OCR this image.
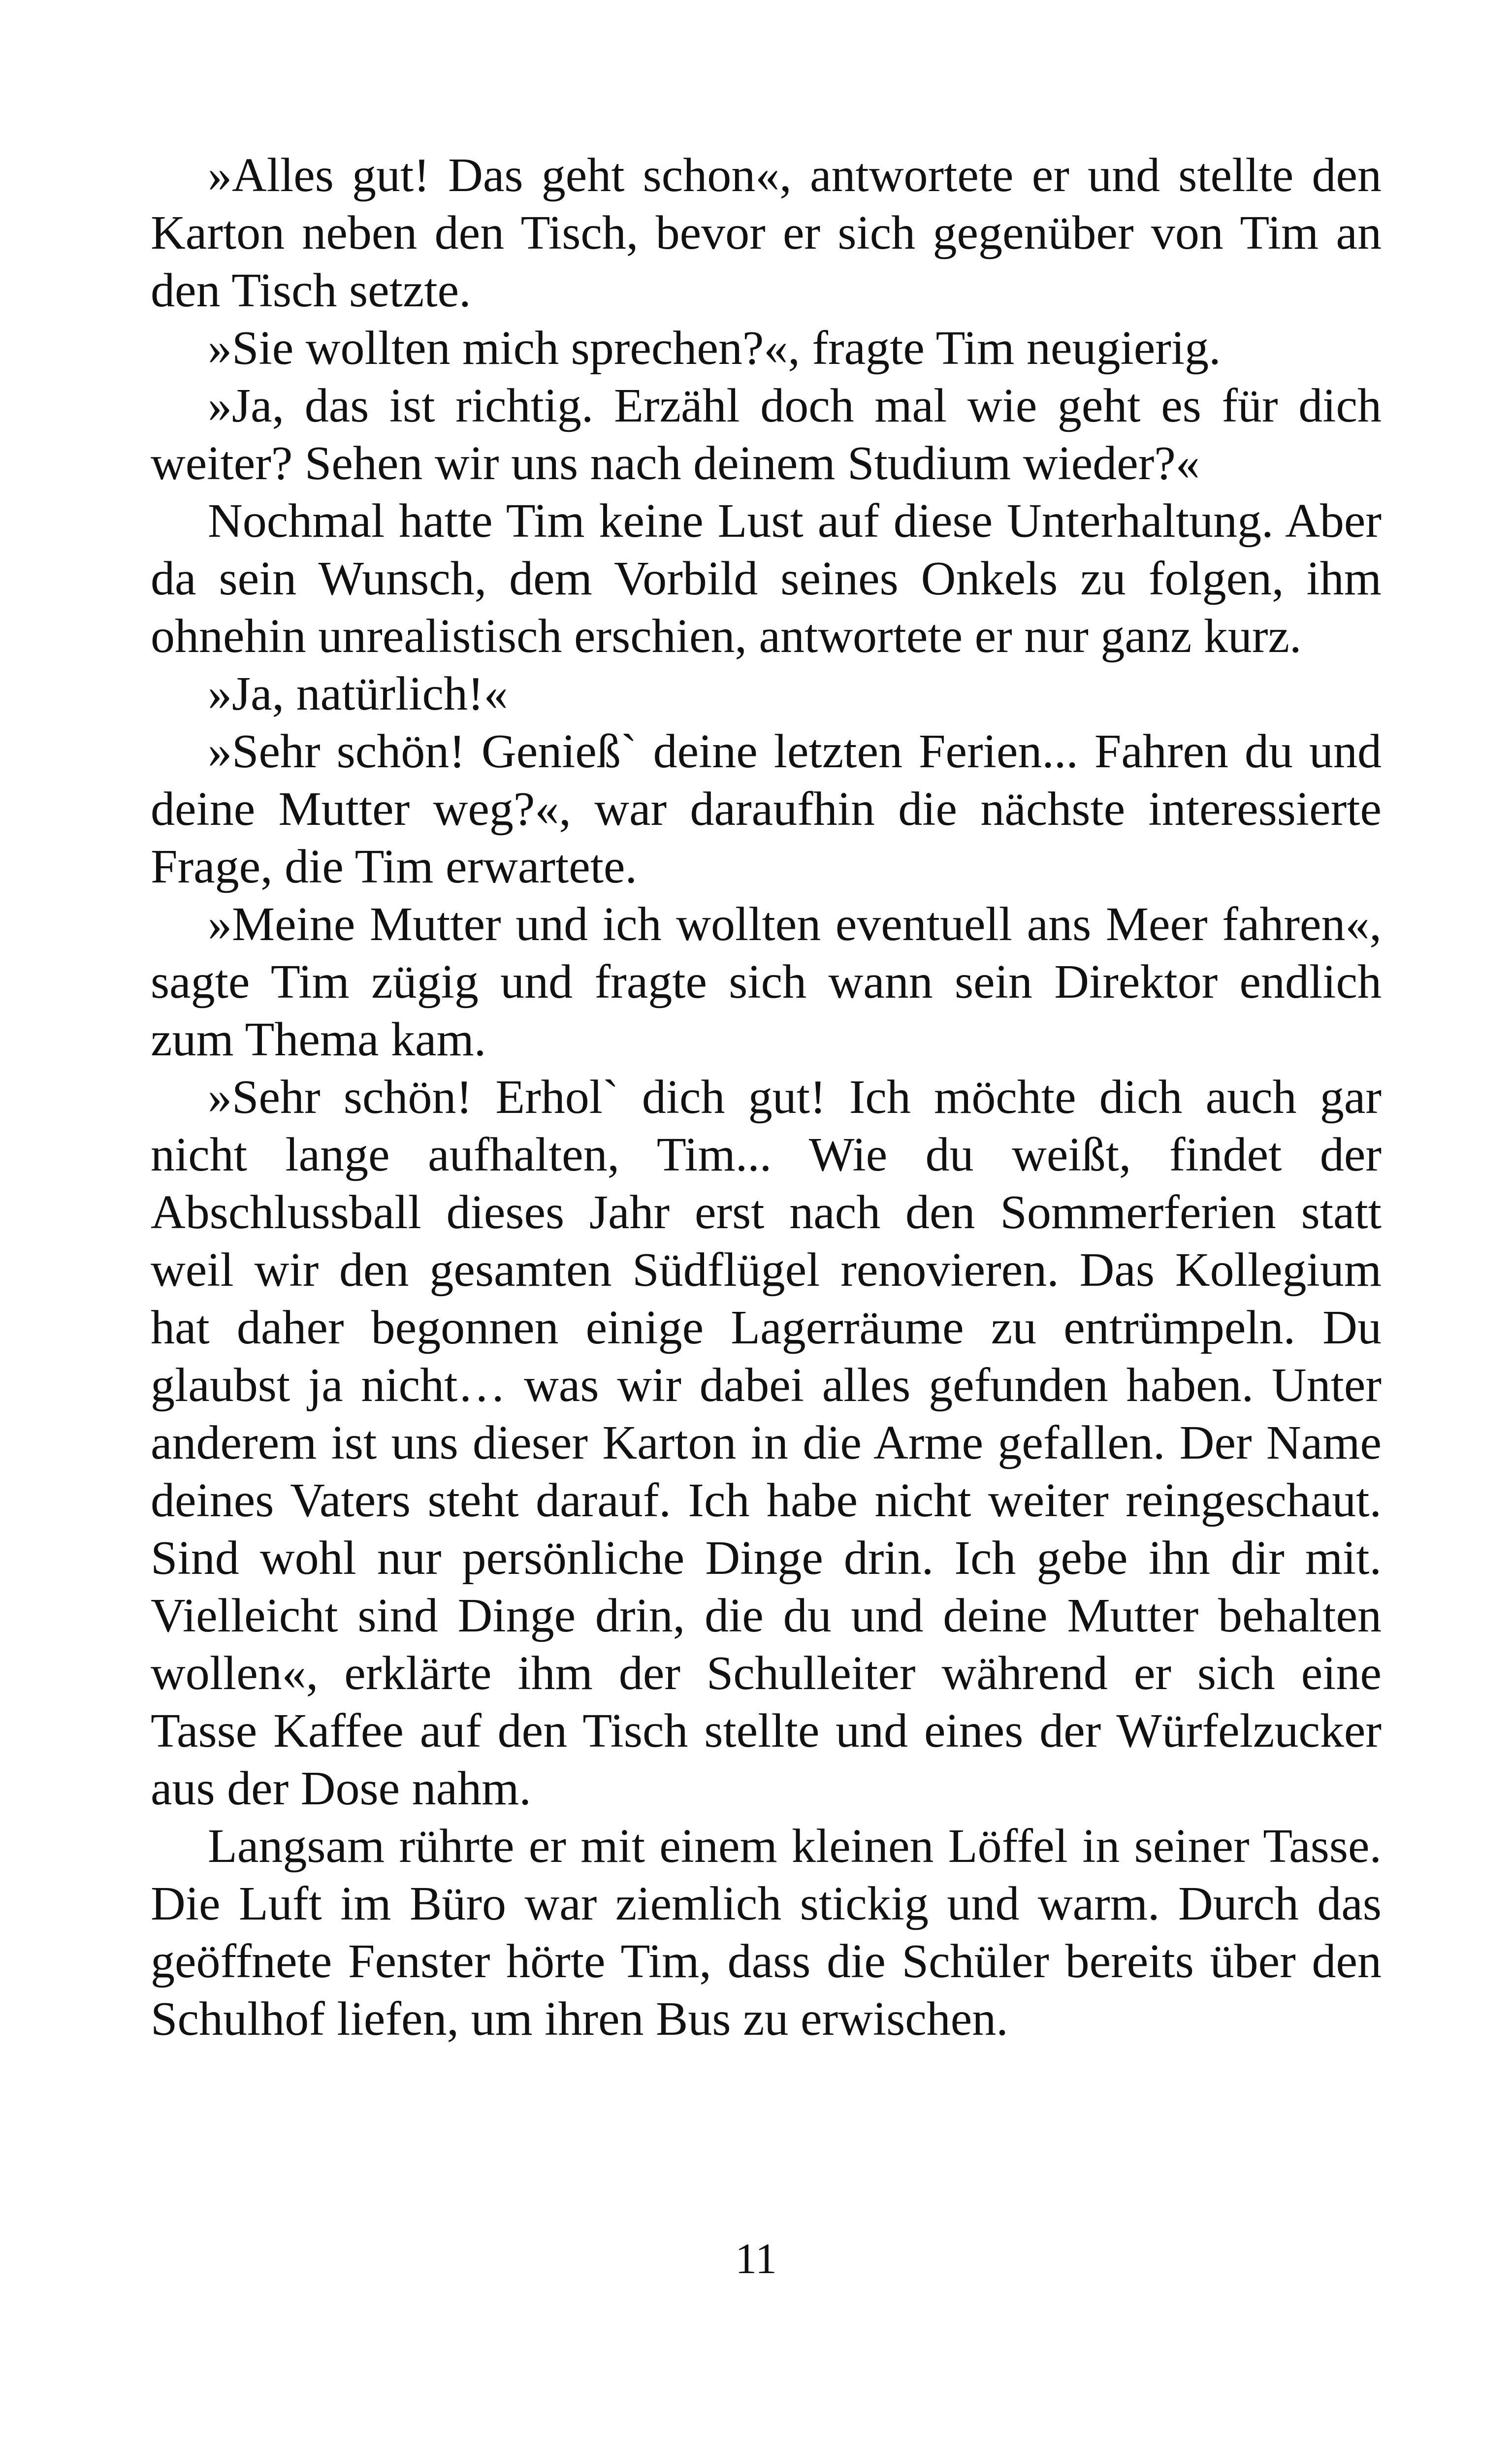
»Alles gut! Das geht schon«, antwortete er und stellte den Karton neben den Tisch, bevor er sich gegenüber von Tim an den Tisch setzte.

»Sie wollten mich sprechen?«, fragte Tim neugierig.

»Ja, das ist richtig. Erzähl doch mal wie geht es für dich weiter? Sehen wir uns nach deinem Studium wieder?«

Nochmal hatte Tim keine Lust auf diese Unterhaltung. Aber da sein Wunsch, dem Vorbild seines Onkels zu folgen, ihm ohnehin unrealistisch erschien, antwortete er nur ganz kurz.

»Ja, natürlich!«

»Sehr schön! Genieß` deine letzten Ferien... Fahren du und deine Mutter weg?«, war daraufhin die nächste interessierte Frage, die Tim erwartete.

»Meine Mutter und ich wollten eventuell ans Meer fahren«, sagte Tim zügig und fragte sich wann sein Direktor endlich zum Thema kam.

»Sehr schön! Erhol` dich gut! Ich möchte dich auch gar nicht lange aufhalten, Tim... Wie du weißt, findet der Abschlussball dieses Jahr erst nach den Sommerferien statt weil wir den gesamten Südflügel renovieren. Das Kollegium hat daher begonnen einige Lagerräume zu entrümpeln. Du glaubst ja nicht… was wir dabei alles gefunden haben. Unter anderem ist uns dieser Karton in die Arme gefallen. Der Name deines Vaters steht darauf. Ich habe nicht weiter reingeschaut. Sind wohl nur persönliche Dinge drin. Ich gebe ihn dir mit. Vielleicht sind Dinge drin, die du und deine Mutter behalten wollen«, erklärte ihm der Schulleiter während er sich eine Tasse Kaffee auf den Tisch stellte und eines der Würfelzucker aus der Dose nahm.

Langsam rührte er mit einem kleinen Löffel in seiner Tasse. Die Luft im Büro war ziemlich stickig und warm. Durch das geöffnete Fenster hörte Tim, dass die Schüler bereits über den Schulhof liefen, um ihren Bus zu erwischen.

11
